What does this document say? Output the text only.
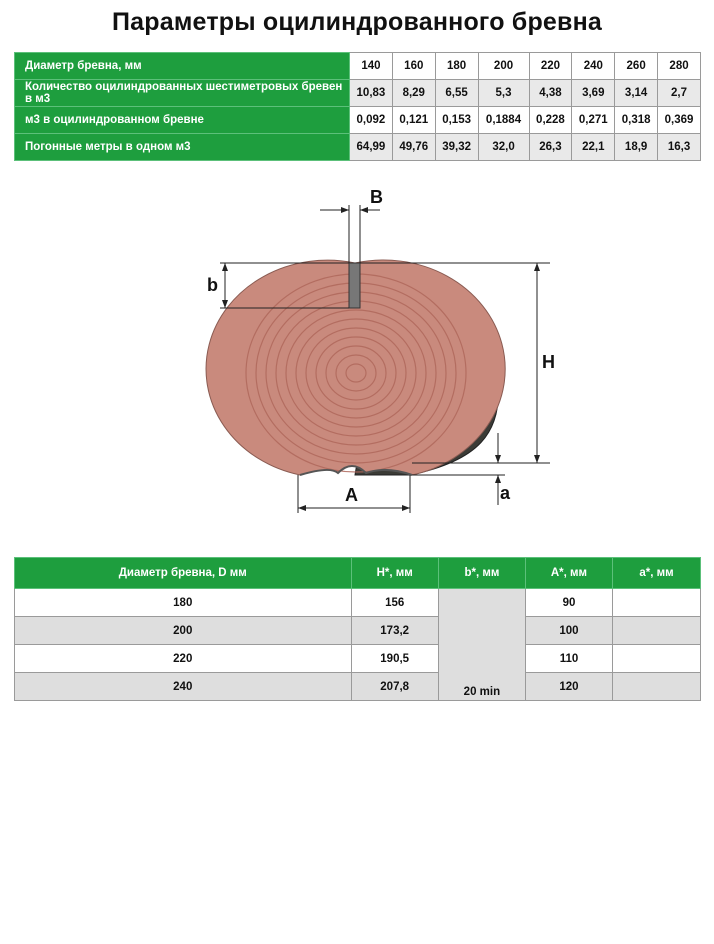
Параметры оцилиндрованного бревна
Диаметр бревна, мм	140	160	180	200	220	240	260	280
Количество оцилиндрованных шестиметровых бревен в м3	10,83	8,29	6,55	5,3	4,38	3,69	3,14	2,7
м3 в оцилиндрованном бревне	0,092	0,121	0,153	0,1884	0,228	0,271	0,318	0,369
Погонные метры в одном м3	64,99	49,76	39,32	32,0	26,3	22,1	18,9	16,3
B
b
H
A	a
Диаметр бревна, D мм	H*, мм	b*, мм	A*, мм	a*, мм
180	156	20 min	90	
200	173,2		100	
220	190,5		110	
240	207,8		120	
